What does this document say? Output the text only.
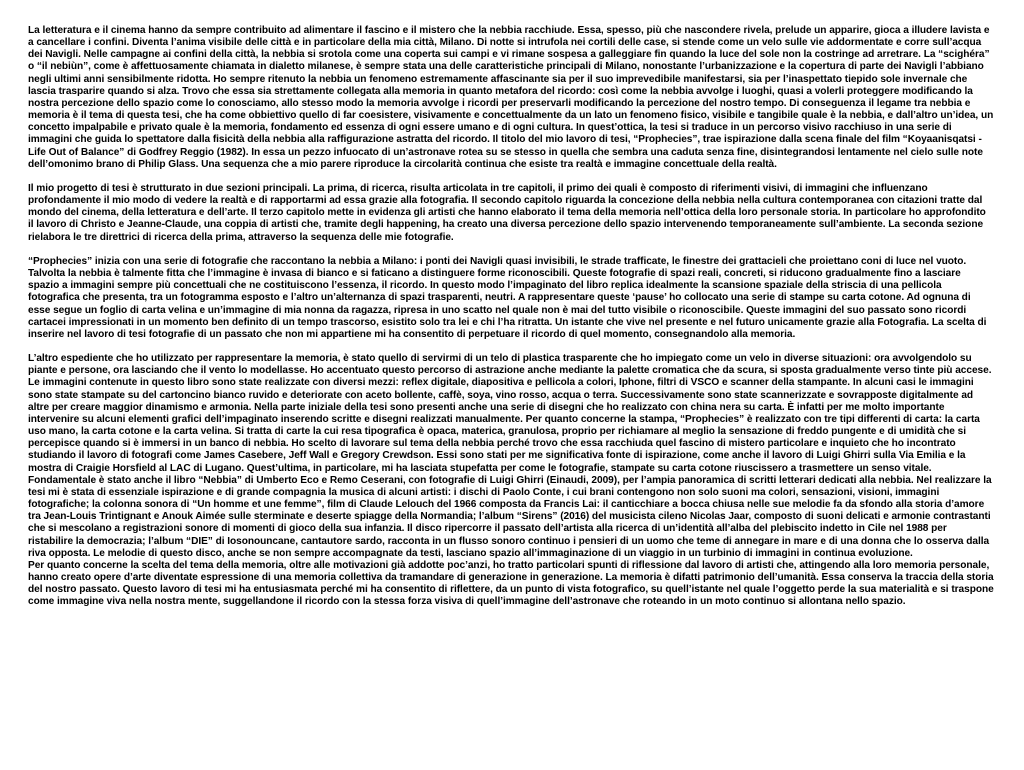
La letteratura e il cinema hanno da sempre contribuito ad alimentare il fascino e il mistero che la nebbia racchiude. Essa, spesso, più che nascondere rivela, prelude un apparire, gioca a illudere lavista e a cancellare i confini. Diventa l’anima visibile delle città e in particolare della mia città, Milano. Di notte si intrufola nei cortili delle case, si stende come un velo sulle vie addormentate e corre sull’acqua dei Navigli. Nelle campagne ai confini della città, la nebbia si srotola come una coperta sui campi e vi rimane sospesa a galleggiare fin quando la luce del sole non la costringe ad arretrare. La “scighéra” o “il nebiùn”, come è affettuosamente chiamata in dialetto milanese, è sempre stata una delle caratteristiche principali di Milano, nonostante l’urbanizzazione e la copertura di parte dei Navigli l’abbiano negli ultimi anni sensibilmente ridotta. Ho sempre ritenuto la nebbia un fenomeno estremamente affascinante sia per il suo imprevedibile manifestarsi, sia per l’inaspettato tiepido sole invernale che lascia trasparire quando si alza. Trovo che essa sia strettamente collegata alla memoria in quanto metafora del ricordo: così come la nebbia avvolge i luoghi, quasi a volerli proteggere modificando la nostra percezione dello spazio come lo conosciamo, allo stesso modo la memoria avvolge i ricordi per preservarli modificando la percezione del nostro tempo. Di conseguenza il legame tra nebbia e memoria è il tema di questa tesi, che ha come obbiettivo quello di far coesistere, visivamente e concettualmente da un lato un fenomeno fisico, visibile e tangibile quale è la nebbia, e dall’altro un’idea, un concetto impalpabile e privato quale è la memoria, fondamento ed essenza di ogni essere umano e di ogni cultura. In quest’ottica, la tesi si traduce in un percorso visivo racchiuso in una serie di immagini che guida lo spettatore dalla fisicità della nebbia alla raffigurazione astratta del ricordo. Il titolo del mio lavoro di tesi, “Prophecies”, trae ispirazione dalla scena finale del film “Koyaanisqatsi - Life Out of Balance” di Godfrey Reggio (1982). In essa un pezzo infuocato di un’astronave rotea su se stesso in quella che sembra una caduta senza fine, disintegrandosi lentamente nel cielo sulle note dell’omonimo brano di Philip Glass. Una sequenza che a mio parere riproduce la circolarità continua che esiste tra realtà e immagine concettuale della realtà.

Il mio progetto di tesi è strutturato in due sezioni principali. La prima, di ricerca, risulta articolata in tre capitoli, il primo dei quali è composto di riferimenti visivi, di immagini che influenzano profondamente il mio modo di vedere la realtà e di rapportarmi ad essa grazie alla fotografia. Il secondo capitolo riguarda la concezione della nebbia nella cultura contemporanea con citazioni tratte dal mondo del cinema, della letteratura e dell’arte. Il terzo capitolo mette in evidenza gli artisti che hanno elaborato il tema della memoria nell’ottica della loro personale storia. In particolare ho approfondito il lavoro di Christo e Jeanne-Claude, una coppia di artisti che, tramite degli happening, ha creato una diversa percezione dello spazio intervenendo temporaneamente sull’ambiente. La seconda sezione rielabora le tre direttrici di ricerca della prima, attraverso la sequenza delle mie fotografie.

“Prophecies” inizia con una serie di fotografie che raccontano la nebbia a Milano: i ponti dei Navigli quasi invisibili, le strade trafficate, le finestre dei grattacieli che proiettano coni di luce nel vuoto. Talvolta la nebbia è talmente fitta che l’immagine è invasa di bianco e si faticano a distinguere forme riconoscibili. Queste fotografie di spazi reali, concreti, si riducono gradualmente fino a lasciare spazio a immagini sempre più concettuali che ne costituiscono l’essenza, il ricordo. In questo modo l’impaginato del libro replica idealmente la scansione spaziale della striscia di una pellicola fotografica che presenta, tra un fotogramma esposto e l’altro un’alternanza di spazi trasparenti, neutri. A rappresentare queste ‘pause’ ho collocato una serie di stampe su carta cotone. Ad ognuna di esse segue un foglio di carta velina e un’immagine di mia nonna da ragazza, ripresa in uno scatto nel quale non è mai del tutto visibile o riconoscibile. Queste immagini del suo passato sono ricordi cartacei impressionati in un momento ben definito di un tempo trascorso, esistito solo tra lei e chi l’ha ritratta. Un istante che vive nel presente e nel futuro unicamente grazie alla Fotografia. La scelta di inserire nel lavoro di tesi fotografie di un passato che non mi appartiene mi ha consentito di perpetuare il ricordo di quel momento, consegnandolo alla memoria.

L’altro espediente che ho utilizzato per rappresentare la memoria, è stato quello di servirmi di un telo di plastica trasparente che ho impiegato come un velo in diverse situazioni: ora avvolgendolo su piante e persone, ora lasciando che il vento lo modellasse. Ho accentuato questo percorso di astrazione anche mediante la palette cromatica che da scura, si sposta gradualmente verso tinte più accese. Le immagini contenute in questo libro sono state realizzate con diversi mezzi: reflex digitale, diapositiva e pellicola a colori, Iphone, filtri di VSCO e scanner della stampante. In alcuni casi le immagini sono state stampate su del cartoncino bianco ruvido e deteriorate con aceto bollente, caffè, soya, vino rosso, acqua o terra. Successivamente sono state scannerizzate e sovrapposte digitalmente ad altre per creare maggior dinamismo e armonia. Nella parte iniziale della tesi sono presenti anche una serie di disegni che ho realizzato con china nera su carta. È infatti per me molto importante intervenire su alcuni elementi grafici dell’impaginato inserendo scritte e disegni realizzati manualmente. Per quanto concerne la stampa, “Prophecies” è realizzato con tre tipi differenti di carta: la carta uso mano, la carta cotone e la carta velina. Si tratta di carte la cui resa tipografica è opaca, materica, granulosa, proprio per richiamare al meglio la sensazione di freddo pungente e di umidità che si percepisce quando si è immersi in un banco di nebbia. Ho scelto di lavorare sul tema della nebbia perché trovo che essa racchiuda quel fascino di mistero particolare e inquieto che ho incontrato studiando il lavoro di fotografi come James Casebere, Jeff Wall e Gregory Crewdson. Essi sono stati per me significativa fonte di ispirazione, come anche il lavoro di Luigi Ghirri sulla Via Emilia e la mostra di Craigie Horsfield al LAC di Lugano. Quest’ultima, in particolare, mi ha lasciata stupefatta per come le fotografie, stampate su carta cotone riuscissero a trasmettere un senso vitale. Fondamentale è stato anche il libro “Nebbia” di Umberto Eco e Remo Ceserani, con fotografie di Luigi Ghirri (Einaudi, 2009), per l’ampia panoramica di scritti letterari dedicati alla nebbia. Nel realizzare la tesi mi è stata di essenziale ispirazione e di grande compagnia la musica di alcuni artisti: i dischi di Paolo Conte, i cui brani contengono non solo suoni ma colori, sensazioni, visioni, immagini fotografiche; la colonna sonora di “Un homme et une femme”, film di Claude Lelouch del 1966 composta da Francis Lai: il canticchiare a bocca chiusa nelle sue melodie fa da sfondo alla storia d’amore tra Jean-Louis Trintignant e Anouk Aimée sulle sterminate e deserte spiagge della Normandia; l’album “Sirens” (2016) del musicista cileno Nicolas Jaar, composto di suoni delicati e armonie contrastanti che si mescolano a registrazioni sonore di momenti di gioco della sua infanzia. Il disco ripercorre il passato dell’artista alla ricerca di un’identità all’alba del plebiscito indetto in Cile nel 1988 per ristabilire la democrazia; l’album “DIE” di Iosonouncane, cantautore sardo, racconta in un flusso sonoro continuo i pensieri di un uomo che teme di annegare in mare e di una donna che lo osserva dalla riva opposta. Le melodie di questo disco, anche se non sempre accompagnate da testi, lasciano spazio all’immaginazione di un viaggio in un turbinio di immagini in continua evoluzione.

Per quanto concerne la scelta del tema della memoria, oltre alle motivazioni già addotte poc’anzi, ho tratto particolari spunti di riflessione dal lavoro di artisti che, attingendo alla loro memoria personale, hanno creato opere d’arte diventate espressione di una memoria collettiva da tramandare di generazione in generazione. La memoria è difatti patrimonio dell’umanità. Essa conserva la traccia della storia del nostro passato. Questo lavoro di tesi mi ha entusiasmata perché mi ha consentito di riflettere, da un punto di vista fotografico, su quell’istante nel quale l’oggetto perde la sua materialità e si traspone come immagine viva nella nostra mente, suggellandone il ricordo con la stessa forza visiva di quell’immagine dell’astronave che roteando in un moto continuo si allontana nello spazio.
